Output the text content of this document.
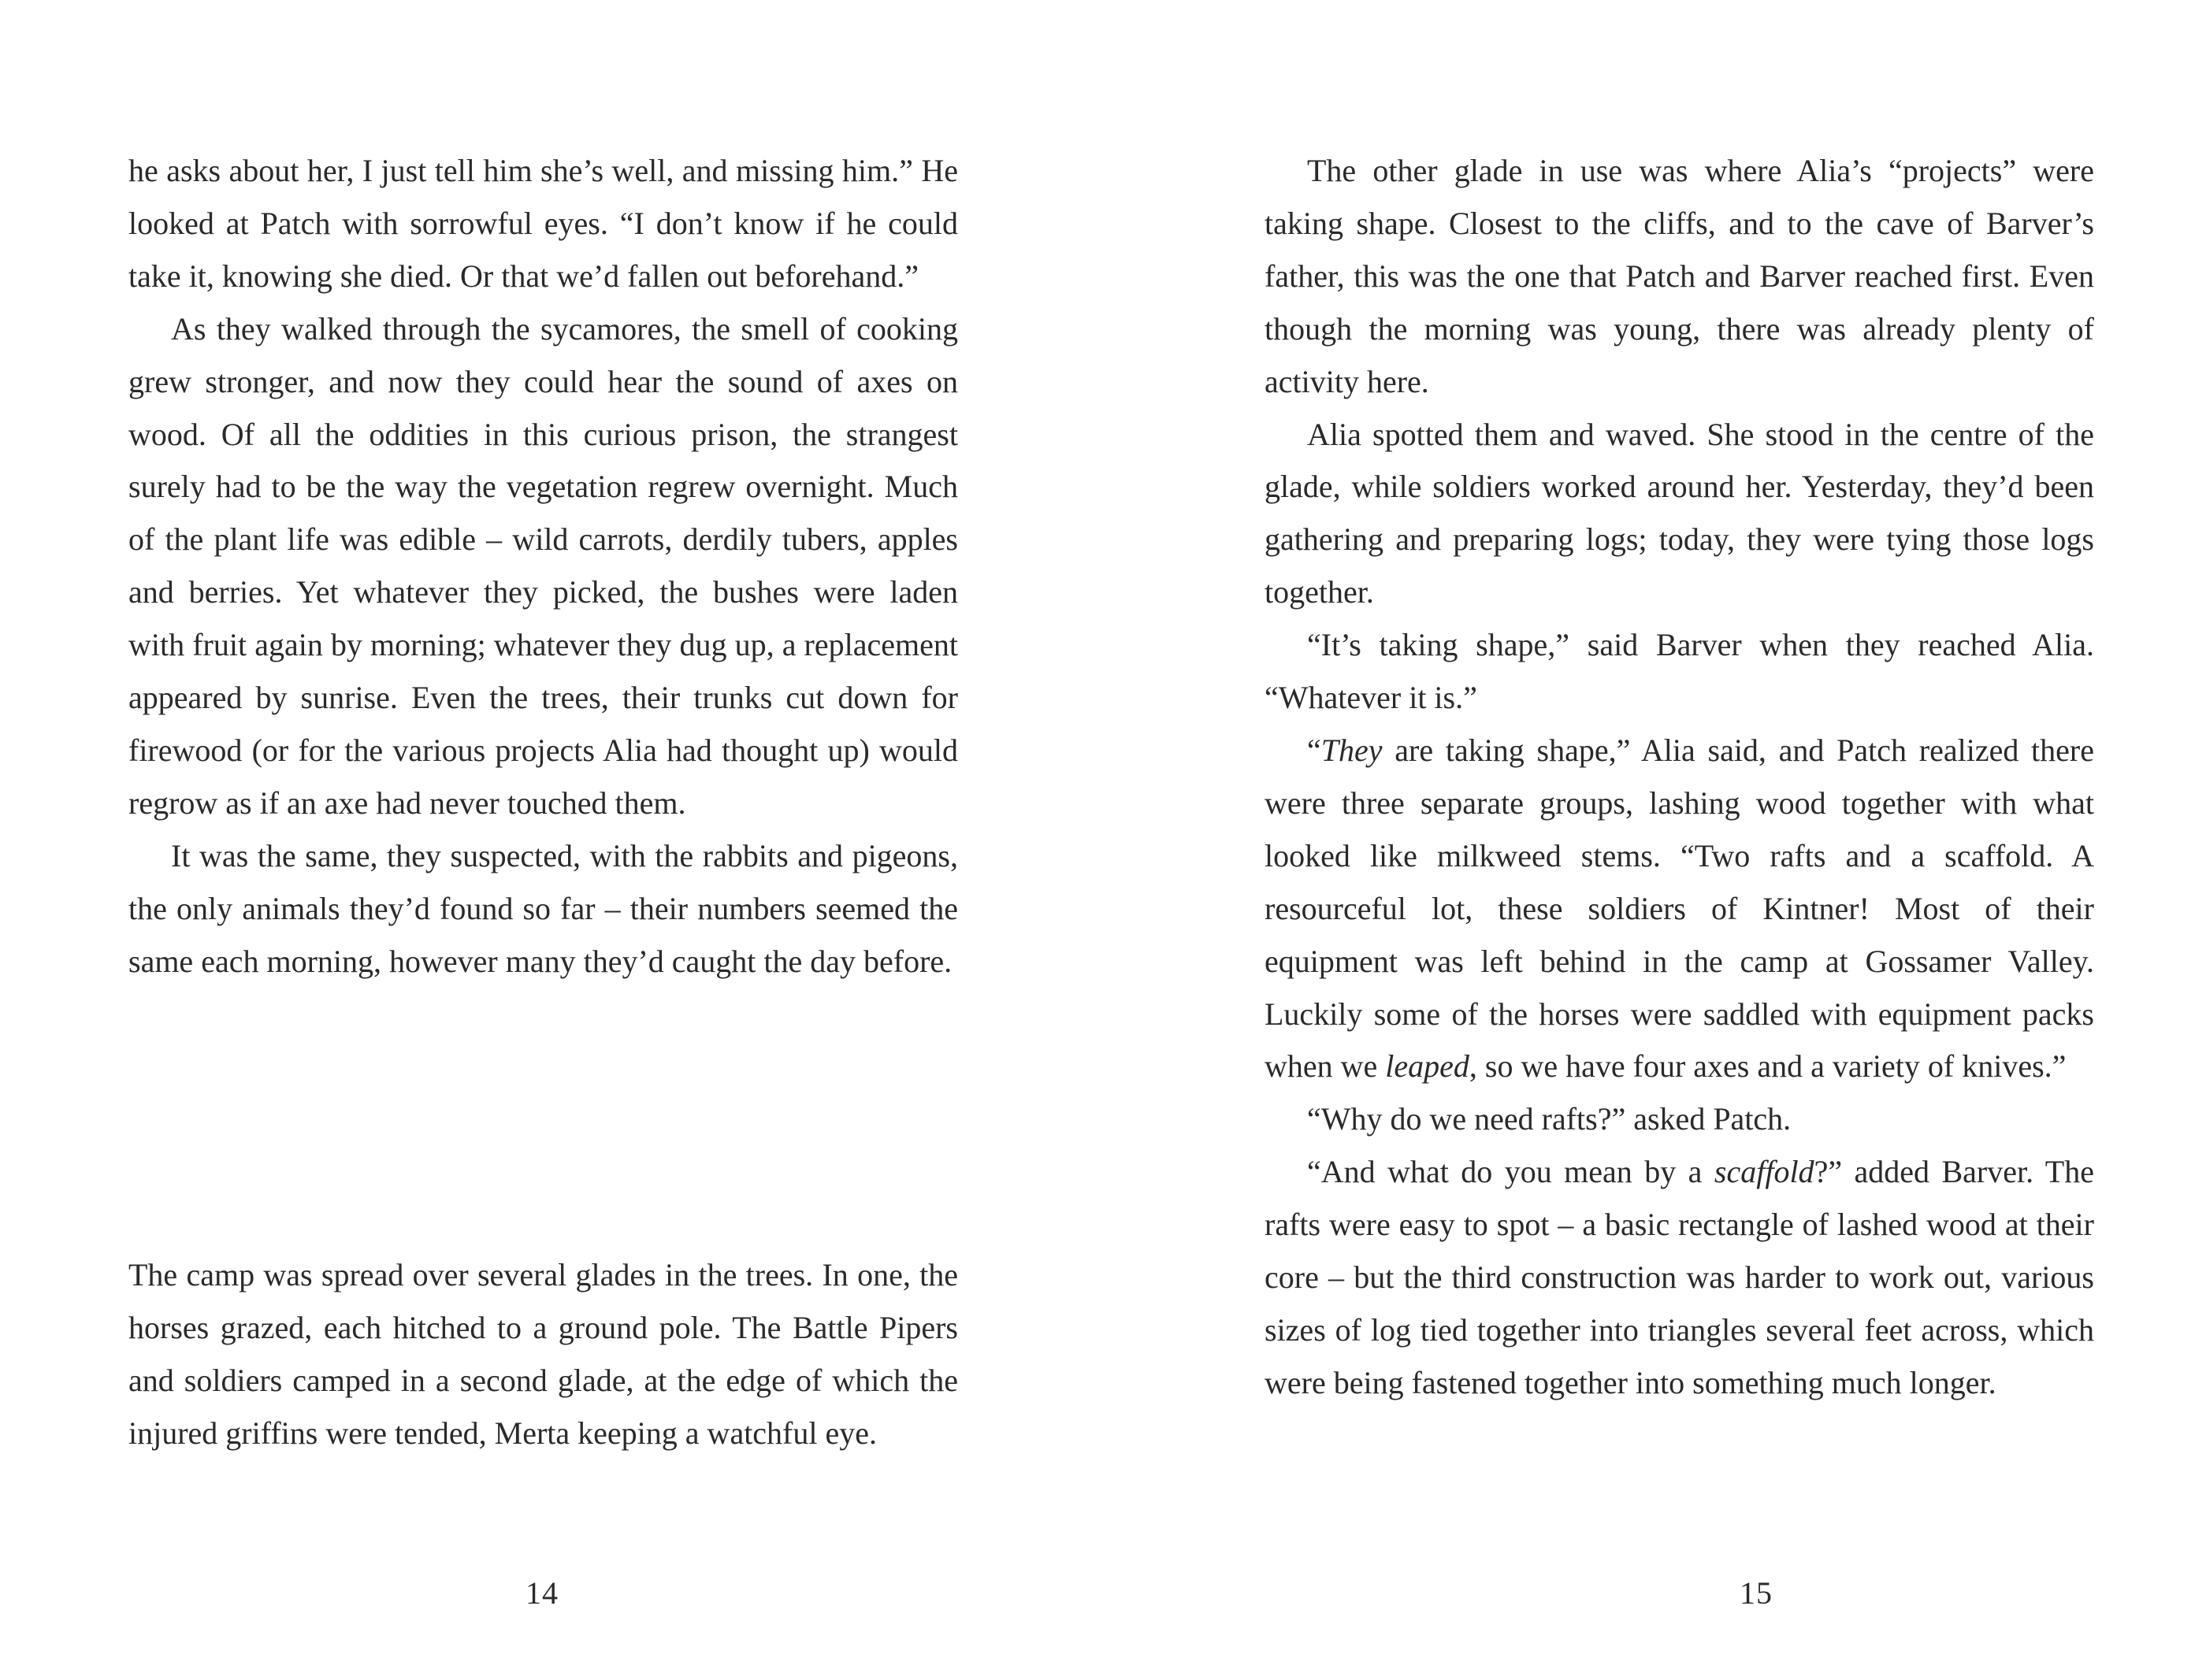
he asks about her, I just tell him she’s well, and missing him.” He looked at Patch with sorrowful eyes. “I don’t know if he could take it, knowing she died. Or that we’d fallen out beforehand.”

As they walked through the sycamores, the smell of cooking grew stronger, and now they could hear the sound of axes on wood. Of all the oddities in this curious prison, the strangest surely had to be the way the vegetation regrew overnight. Much of the plant life was edible – wild carrots, derdily tubers, apples and berries. Yet whatever they picked, the bushes were laden with fruit again by morning; whatever they dug up, a replacement appeared by sunrise. Even the trees, their trunks cut down for firewood (or for the various projects Alia had thought up) would regrow as if an axe had never touched them.

It was the same, they suspected, with the rabbits and pigeons, the only animals they’d found so far – their numbers seemed the same each morning, however many they’d caught the day before.

The camp was spread over several glades in the trees. In one, the horses grazed, each hitched to a ground pole. The Battle Pipers and soldiers camped in a second glade, at the edge of which the injured griffins were tended, Merta keeping a watchful eye.

14

The other glade in use was where Alia’s “projects” were taking shape. Closest to the cliffs, and to the cave of Barver’s father, this was the one that Patch and Barver reached first. Even though the morning was young, there was already plenty of activity here.

Alia spotted them and waved. She stood in the centre of the glade, while soldiers worked around her. Yesterday, they’d been gathering and preparing logs; today, they were tying those logs together.

“It’s taking shape,” said Barver when they reached Alia. “Whatever it is.”

“They are taking shape,” Alia said, and Patch realized there were three separate groups, lashing wood together with what looked like milkweed stems. “Two rafts and a scaffold. A resourceful lot, these soldiers of Kintner! Most of their equipment was left behind in the camp at Gossamer Valley. Luckily some of the horses were saddled with equipment packs when we leaped, so we have four axes and a variety of knives.”

“Why do we need rafts?” asked Patch.

“And what do you mean by a scaffold?” added Barver. The rafts were easy to spot – a basic rectangle of lashed wood at their core – but the third construction was harder to work out, various sizes of log tied together into triangles several feet across, which were being fastened together into something much longer.

15
